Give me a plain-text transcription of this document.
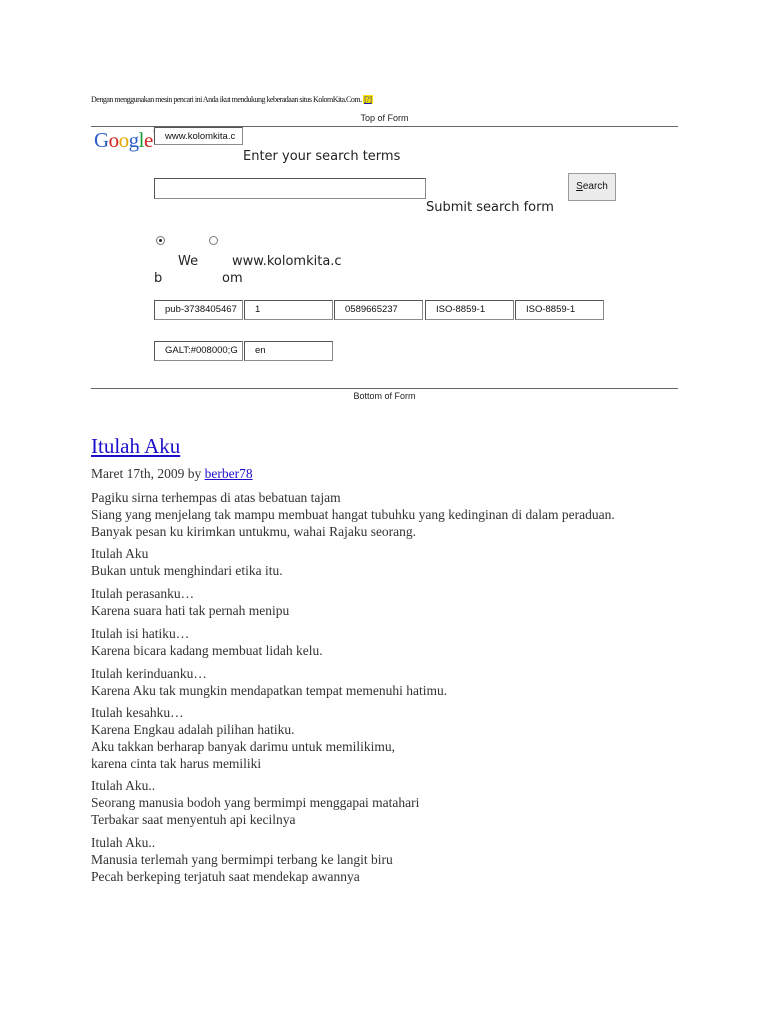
Dengan menggunakan mesin pencari ini Anda ikut mendukung keberadaan situs KolomKita.Com. [?]
Top of Form
Google	www.kolomkita.c
Enter your search terms
Search
Submit search form
We	www.kolomkita.c
b	om
pub-3738405467	1	0589665237	ISO-8859-1	ISO-8859-1
GALT:#008000;G	en
Bottom of Form
Itulah Aku
Maret 17th, 2009 by berber78
Pagiku sirna terhempas di atas bebatuan tajam
Siang yang menjelang tak mampu membuat hangat tubuhku yang kedinginan di dalam peraduan.
Banyak pesan ku kirimkan untukmu, wahai Rajaku seorang.
Itulah Aku
Bukan untuk menghindari etika itu.
Itulah perasanku…
Karena suara hati tak pernah menipu
Itulah isi hatiku…
Karena bicara kadang membuat lidah kelu.
Itulah kerinduanku…
Karena Aku tak mungkin mendapatkan tempat memenuhi hatimu.
Itulah kesahku…
Karena Engkau adalah pilihan hatiku.
Aku takkan berharap banyak darimu untuk memilikimu,
karena cinta tak harus memiliki
Itulah Aku..
Seorang manusia bodoh yang bermimpi menggapai matahari
Terbakar saat menyentuh api kecilnya
Itulah Aku..
Manusia terlemah yang bermimpi terbang ke langit biru
Pecah berkeping terjatuh saat mendekap awannya
